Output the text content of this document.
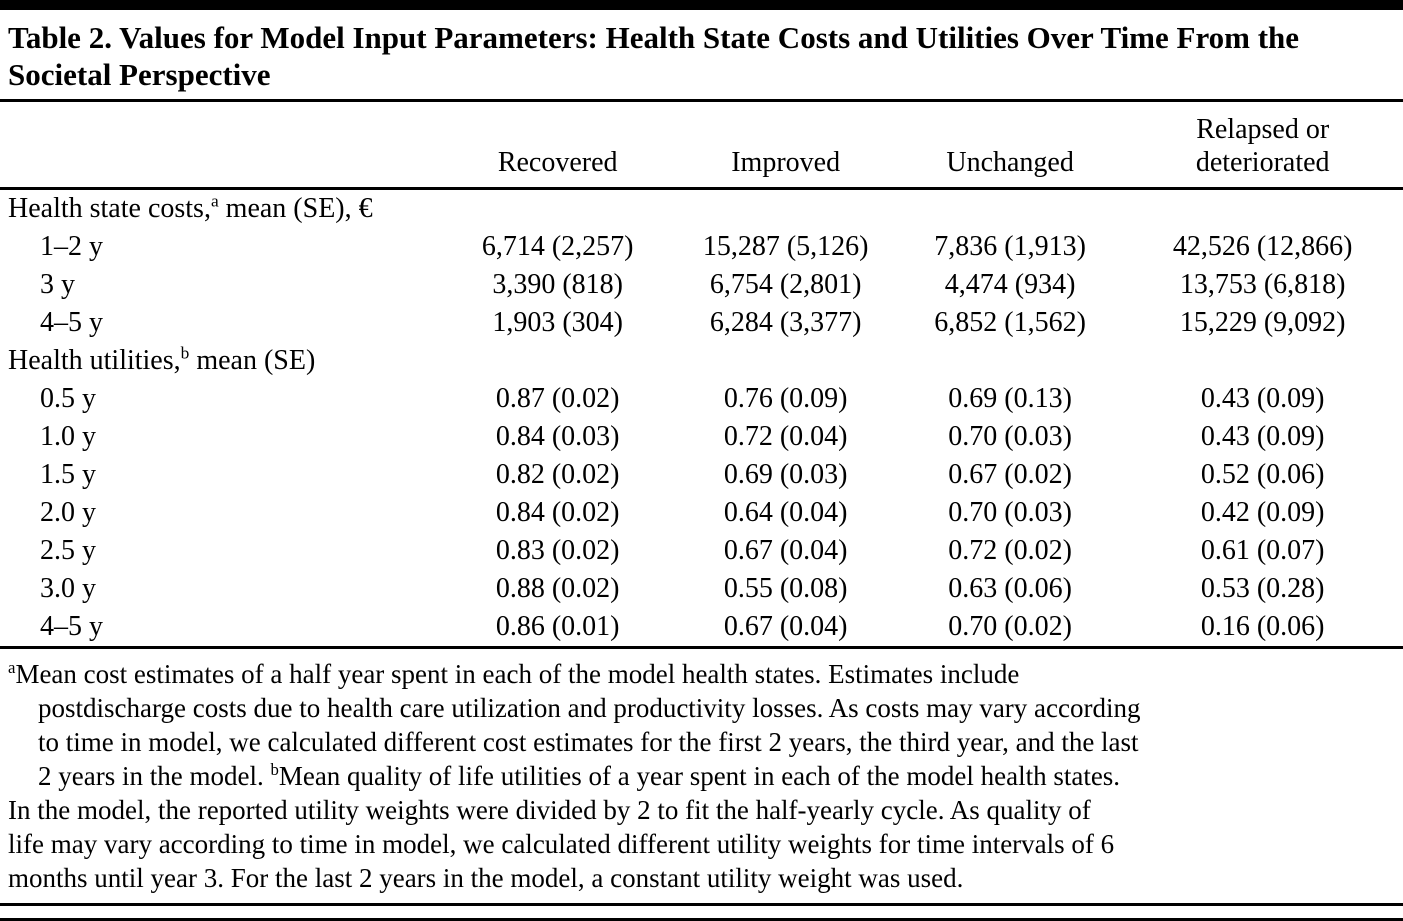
Table 2. Values for Model Input Parameters: Health State Costs and Utilities Over Time From the Societal Perspective
	Recovered	Improved	Unchanged	Relapsed or deteriorated
Health state costs,$^a$ mean (SE), €				
1–2 y	6,714 (2,257)	15,287 (5,126)	7,836 (1,913)	42,526 (12,866)
3 y	3,390 (818)	6,754 (2,801)	4,474 (934)	13,753 (6,818)
4–5 y	1,903 (304)	6,284 (3,377)	6,852 (1,562)	15,229 (9,092)
Health utilities,$^b$ mean (SE)				
0.5 y	0.87 (0.02)	0.76 (0.09)	0.69 (0.13)	0.43 (0.09)
1.0 y	0.84 (0.03)	0.72 (0.04)	0.70 (0.03)	0.43 (0.09)
1.5 y	0.82 (0.02)	0.69 (0.03)	0.67 (0.02)	0.52 (0.06)
2.0 y	0.84 (0.02)	0.64 (0.04)	0.70 (0.03)	0.42 (0.09)
2.5 y	0.83 (0.02)	0.67 (0.04)	0.72 (0.02)	0.61 (0.07)
3.0 y	0.88 (0.02)	0.55 (0.08)	0.63 (0.06)	0.53 (0.28)
4–5 y	0.86 (0.01)	0.67 (0.04)	0.70 (0.02)	0.16 (0.06)
$^a$Mean cost estimates of a half year spent in each of the model health states. Estimates include
postdischarge costs due to health care utilization and productivity losses. As costs may vary according
to time in model, we calculated different cost estimates for the first 2 years, the third year, and the last
2 years in the model. $^b$Mean quality of life utilities of a year spent in each of the model health states.
In the model, the reported utility weights were divided by 2 to fit the half-yearly cycle. As quality of
life may vary according to time in model, we calculated different utility weights for time intervals of 6
months until year 3. For the last 2 years in the model, a constant utility weight was used.
